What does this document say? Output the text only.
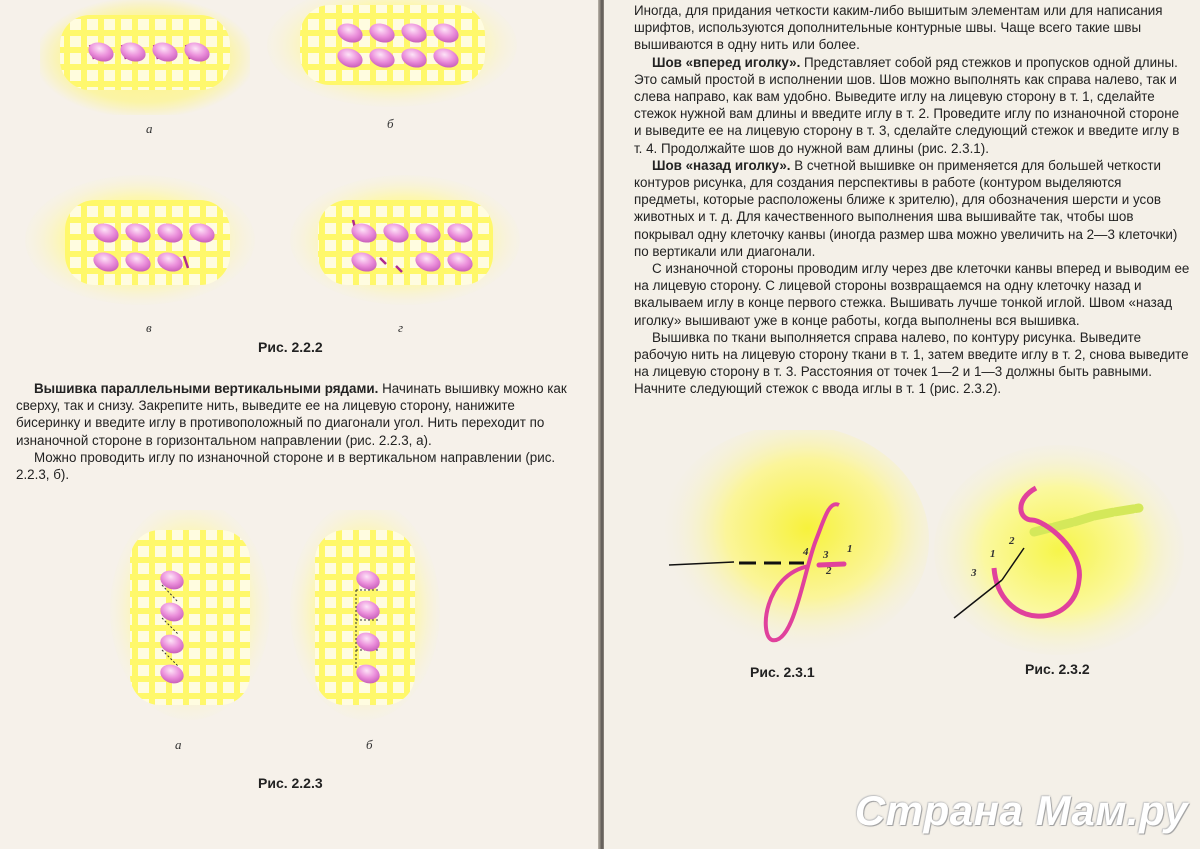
а	б
в	г
Рис. 2.2.2

Вышивка параллельными вертикальными рядами. Начинать вышивку можно как сверху, так и снизу. Закрепите нить, выведите ее на лицевую сторону, нанижите бисеринку и введите иглу в противоположный по диагонали угол. Нить переходит по изнаночной стороне в горизонтальном направлении (рис. 2.2.3, а).

Можно проводить иглу по изнаночной стороне и в вертикальном направлении (рис. 2.2.3, б).

а	б
Рис. 2.2.3

Иногда, для придания четкости каким-либо вышитым элементам или для написания шрифтов, используются дополнительные контурные швы. Чаще всего такие швы вышиваются в одну нить или более.

Шов «вперед иголку». Представляет собой ряд стежков и пропусков одной длины. Это самый простой в исполнении шов. Шов можно выполнять как справа налево, так и слева направо, как вам удобно. Выведите иглу на лицевую сторону в т. 1, сделайте стежок нужной вам длины и введите иглу в т. 2. Проведите иглу по изнаночной стороне и выведите ее на лицевую сторону в т. 3, сделайте следующий стежок и введите иглу в т. 4. Продолжайте шов до нужной вам длины (рис. 2.3.1).

Шов «назад иголку». В счетной вышивке он применяется для большей четкости контуров рисунка, для создания перспективы в работе (контуром выделяются предметы, которые расположены ближе к зрителю), для обозначения шерсти и усов животных и т. д. Для качественного выполнения шва вышивайте так, чтобы шов покрывал одну клеточку канвы (иногда размер шва можно увеличить на 2—3 клеточки) по вертикали или диагонали.

С изнаночной стороны проводим иглу через две клеточки канвы вперед и выводим ее на лицевую сторону. С лицевой стороны возвращаемся на одну клеточку назад и вкалываем иглу в конце первого стежка. Вышивать лучше тонкой иглой. Швом «назад иголку» вышивают уже в конце работы, когда выполнены вся вышивка.

Вышивка по ткани выполняется справа налево, по контуру рисунка. Выведите рабочую нить на лицевую сторону ткани в т. 1, затем введите иглу в т. 2, снова выведите на лицевую сторону в т. 3. Расстояния от точек 1—2 и 1—3 должны быть равными. Начните следующий стежок с ввода иглы в т. 1 (рис. 2.3.2).

4 3
2
1
Рис. 2.3.1
1
2
3
Рис. 2.3.2
Страна Мам.ру
